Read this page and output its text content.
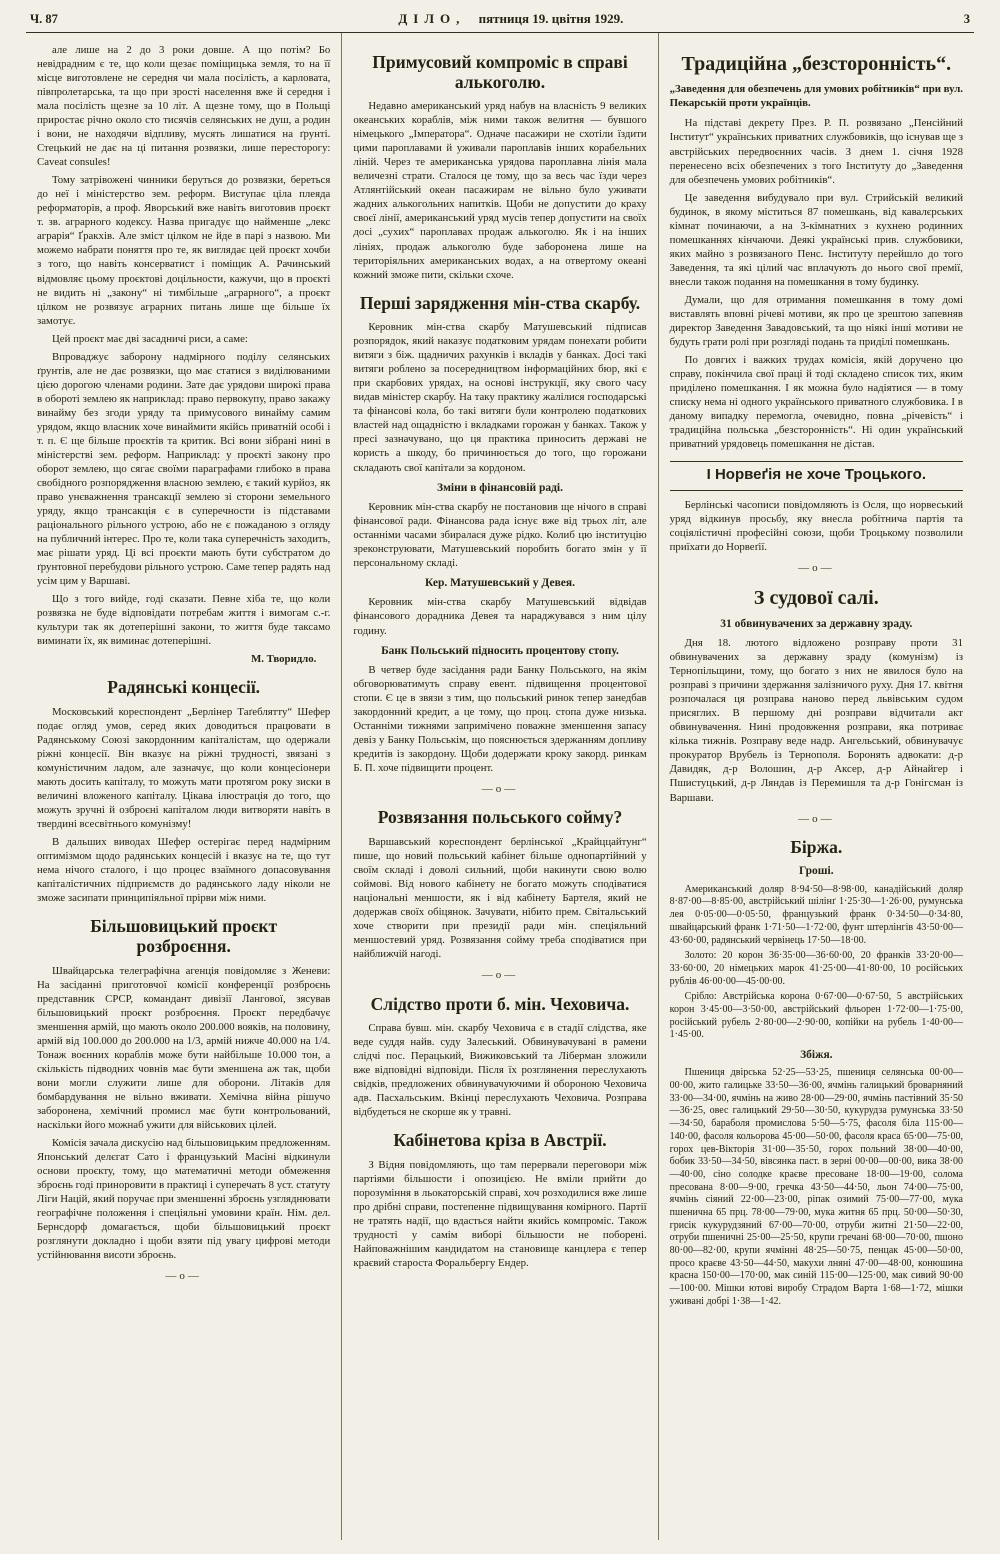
Ч. 87	ДІЛО, пятниця 19. цвітня 1929.	3

але лише на 2 до 3 роки довше. А що потім? Бо невідрадним є те, що коли щезає поміщицька земля, то на її місце виготовлене не середня чи мала посілість, а карловата, півпролетарська, та що при зрості населення вже й середня і мала посілість щезне за 10 літ. А щезне тому, що в Польщі приростає річно около сто тисячів селянських не душ, а родин і вони, не находячи відпливу, мусять лишатися на ґрунті. Стецький не дає на ці питання розвязки, лише пересторогу: Caveat consules!

Тому затрівожені чинники беруться до розвязки, береться до неї і міністерство зем. реформ. Виступає ціла плеяда реформаторів, а проф. Яворський вже навіть виготовив проєкт т. зв. аграрного кодексу. Назва пригадує що найменше „лекс аграрія“ Ґракхів. Але зміст цілком не йде в парі з назвою. Ми можемо набрати поняття про те, як виглядає цей проєкт хочби з того, що навіть консерватист і поміщик А. Рачинський відмовляє цьому проєктові доцільности, кажучи, що в проєкті не видить ні „закону“ ні тимбільше „аграрного“, а проєкт цілком не розвязує аграрних питань лише ще більше їх замотує.

Цей проєкт має дві засадничі риси, а саме:

Впроваджує заборону надмірного поділу селянських ґрунтів, але не дає розвязки, що має статися з виділюваними цією дорогою членами родини. Зате дає урядови широкі права в обороті землею як наприклад: право первокупу, право закажу винайму без згоди уряду та примусового винайму самим урядом, якщо власник хоче винаймити якійсь приватній особі і т. п. Є ще більше проєктів та критик. Всі вони зібрані нині в міністерстві зем. реформ. Наприклад: у проєкті закону про оборот землею, що сягає своїми параграфами глибоко в права свобідного розпорядження власною землею, є такий курйоз, як право унєважнення трансакції землею зі сторони земельного уряду, якщо трансакція є в суперечности із підставами раціонального рільного устрою, або не є пожаданою з огляду на публичний інтерес. Про те, коли така суперечність заходить, має рішати уряд. Ці всі проєкти мають бути субстратом до ґрунтовної перебудови рільного устрою. Саме тепер радять над усім цим у Варшаві.

Що з того вийде, годі сказати. Певне хіба те, що коли розвязка не буде відповідати потребам життя і вимогам с.-г. культури так як дотеперішні закони, то життя буде таксамо виминати їх, як виминає дотеперішні.

М. Творидло.

Радянські концесії.

Московський кореспондент „Берлінер Таґеблятту“ Шефер подає огляд умов, серед яких доводиться працювати в Радянському Союзі закордонним капіталістам, що одержали ріжні концесії. Він вказує на ріжні трудності, звязані з комуністичним ладом, але зазначує, що коли концесіонери мають досить капіталу, то можуть мати протягом року зиски в величині вложеного капіталу. Цікава ілюстрація до того, що можуть зручні й озброєні капіталом люди витворяти навіть в твердині всесвітнього комунізму!

В дальших виводах Шефер остерігає перед надмірним оптимізмом щодо радянських концесій і вказує на те, що тут нема нічого сталого, і що процес взаїмного допасовування капіталістичних підприємств до радянського ладу ніколи не зможе засипати принципіяльної прірви між ними.

Більшовицький проєкт розброєння.

Швайцарська телеграфічна агенція повідомляє з Женеви: На засіданні приготовчої комісії конференції розброєнь представник СРСР, командант дивізії Лангової, зясував більшовицький проєкт розброєння. Проєкт передбачує зменшення армій, що мають около 200.000 вояків, на половину, армій від 100.000 до 200.000 на 1/3, армій нижче 40.000 на 1/4. Тонаж воєнних кораблів може бути найбільше 10.000 тон, а скількість підводних човнів має бути зменшена аж так, щоби вони могли служити лише для оборони. Літаків для бомбардування не вільно вживати. Хемічна війна рішучо заборонена, хемічний промисл має бути контрольований, наскільки його можнаб ужити для військових цілей.

Комісія зачала дискусію над більшовицьким предложенням. Японський делєгат Сато і французький Масіні відкинули основи проєкту, тому, що математичні методи обмеження зброєнь годі приноровити в практиці і суперечать 8 уст. статуту Ліги Націй, який поручає при зменшенні зброєнь узгляднювати географічне положення і спеціяльні умовини країн. Нім. дел. Бернсдорф домагається, щоби більшовицький проєкт розглянути докладно і щоби взяти під увагу цифрові методи устійнювання висоти зброєнь.

—о—
Примусовий компроміс в справі алькоголю.

Недавно американський уряд набув на власність 9 великих океанських кораблів, між ними також велитня — бувшого німецького „Імператора“. Одначе пасажири не схотіли їздити цими пароплавами й уживали пароплавів інших корабельних ліній. Через те американська урядова пароплавна лінія мала величезні страти. Сталося це тому, що за весь час їзди через Атлянтійський океан пасажирам не вільно було уживати жадних алькогольних напитків. Щоби не допустити до краху своєї лінії, американський уряд мусів тепер допустити на своїх досі „сухих“ пароплавах продаж алькоголю. Як і на інших лініях, продаж алькоголю буде заборонена лише на територіяльних американських водах, а на отвертому океані кожний зможе пити, скільки схоче.

Перші зарядження мін-ства скарбу.

Керовник мін-ства скарбу Матушевський підписав розпорядок, який наказує податковим урядам понехати робити витяги з біж. щадничих рахунків і вкладів у банках. Досі такі витяги роблено за посередництвом інформаційних бюр, які є при скарбових урядах, на основі інструкції, яку свого часу видав міністер скарбу. На таку практику жалілися господарські та фінансові кола, бо такі витяги були контролею податкових властей над ощадністю і вкладками горожан у банках. Також у пресі зазначувано, що ця практика приносить державі не користь а шкоду, бо причинюється до того, що горожани складають свої капітали за кордоном.

Зміни в фінансовій раді.

Керовник мін-ства скарбу не постановив ще нічого в справі фінансової ради. Фінансова рада існує вже від трьох літ, але останніми часами збиралася дуже рідко. Колиб цю інституцію зреконструювати, Матушевський поробить богато змін у її персональному складі.

Кер. Матушевський у Девея.

Керовник мін-ства скарбу Матушевський відвідав фінансового дорадника Девея та нараджувався з ним цілу годину.

Банк Польський підносить процентову стопу.

В четвер буде засідання ради Банку Польського, на якім обговорюватимуть справу евент. підвищення процентової стопи. Є це в звязи з тим, що польський ринок тепер занедбав закордонний кредит, а це тому, що проц. стопа дуже низька. Останніми тижнями запримічено поважне зменшення запасу девіз у Банку Польськім, що пояснюється здержанням допливу кредитів із закордону. Щоби додержати кроку закорд. ринкам Б. П. хоче підвищити процент.

—о—
Розвязання польського сойму?

Варшавський кореспондент берлінської „Крайццайтунг“ пише, що новий польський кабінет більше однопартійний у своїм складі і доволі сильний, щоби накинути свою волю соймові. Від нового кабінету не богато можуть сподіватися національні меншости, як і від кабінету Бартеля, який не додержав своїх обіцянок. Зачувати, нібито прем. Світальський хоче створити при президії ради мін. спеціяльний меншостевий уряд. Розвязання сойму треба сподіватися при найближчій нагоді.

—о—
Слідство проти б. мін. Чеховича.

Справа бувш. мін. скарбу Чеховича є в стадії слідства, яке веде суддя найв. суду Залеський. Обвинувачувані в рамени слідчі пос. Перацький, Вижиковський та Ліберман зложили вже відповідні відповіди. Після їх розглянення переслухають свідків, предложених обвинувачуючими й обороною Чеховича адв. Пасхальським. Вкінці переслухають Чеховича. Розправа відбудеться не скорше як у травні.

Кабінетова кріза в Австрії.

З Відня повідомляють, що там перервали переговори між партіями більшости і опозицією. Не вміли прийти до порозуміння в льокаторській справі, хоч розходилися вже лише про дрібні справи, постепенне підвищування комірного. Партії не тратять надії, що вдасться найти якийсь компроміс. Також трудності у самім виборі більшости не поборені. Найповажнішим кандидатом на становище канцлера є тепер краєвий староста Форальбергу Ендер.

Традиційна „безсторонність“.

„Заведення для обезпечень для умових робітників“ при вул. Пекарській проти українців.

На підставі декрету През. Р. П. розвязано „Пенсійний Інститут“ українських приватних службовиків, що існував ще з австрійських передвоєнних часів. З днем 1. січня 1928 перенесено всіх обезпечених з того Інституту до „Заведення для обезпечень умових робітників“.

Це заведення вибудувало при вул. Стрийській великий будинок, в якому міститься 87 помешкань, від кавалєрських кімнат починаючи, а на 3-кімнатних з кухнею родинних помешканнях кінчаючи. Деякі українські прив. службовики, яких майно з розвязаного Пенс. Інституту перейшло до того Заведення, та які цілий час вплачують до нього свої премії, внесли також подання на помешкання в тому будинку.

Думали, що для отримання помешкання в тому домі виставлять вповні річеві мотиви, як про це зрештою запевняв директор Заведення Завадовський, та що ніякі інші мотиви не будуть грати ролі при розгляді подань та приділі помешкань.

По довгих і важких трудах комісія, якій доручено цю справу, покінчила свої праці й тоді складено список тих, яким приділено помешкання. І як можна було надіятися — в тому списку нема ні одного українського приватного службовика. І в даному випадку перемогла, очевидно, повна „річевість“ і традиційна польська „безсторонність“. Ні один український приватний урядовець помешкання не дістав.

І Норвеґія не хоче Троцького.

Берлінські часописи повідомляють із Осля, що норвеський уряд відкинув просьбу, яку внесла робітнича партія та соціялістичні професійні союзи, щоби Троцькому позволили приїхати до Норвеґії.

—о—
З судової салі.
31 обвинувачених за державну зраду.

Дня 18. лютого відложено розправу проти 31 обвинувачених за державну зраду (комунізм) із Тернопільщини, тому, що богато з них не явилося було на розправі з причини здержання залізничого руху. Дня 17. квітня розпочалася ця розправа наново перед львівським судом присяглих. В першому дні розправи відчитали акт обвинувачення. Нині продовження розправи, яка потриває кілька тижнів. Розправу веде надр. Ангельський, обвинувачує прокуратор Врубель із Тернополя. Боронять адвокати: д-р Давидяк, д-р Волошин, д-р Аксер, д-р Айнайгер і Пшистуцький, д-р Ляндав із Перемишля та д-р Гонігсман із Варшави.

—о—
Біржа.
Гроші.

Американський доляр 8·94·50—8·98·00, канадійський доляр 8·87·00—8·85·00, австрійський шілінґ 1·25·30—1·26·00, румунська лея 0·05·00—0·05·50, французький франк 0·34·50—0·34·80, швайцарський франк 1·71·50—1·72·00, фунт штерлінгів 43·50·00—43·60·00, радянський червінець 17·50—18·00.

Золото: 20 корон 36·35·00—36·60·00, 20 франків 33·20·00—33·60·00, 20 німецьких марок 41·25·00—41·80·00, 10 російських рублів 46·00·00—45·00·00.

Срібло: Австрійська корона 0·67·00—0·67·50, 5 австрійських корон 3·45·00—3·50·00, австрійський фльорен 1·72·00—1·75·00, російський рубель 2·80·00—2·90·00, копійки на рубель 1·40·00—1·45·00.

Збіжя.

Пшениця двірська 52·25—53·25, пшениця селянська 00·00—00·00, жито галицьке 33·50—36·00, ячмінь галицький броварняний 33·00—34·00, ячмінь на живо 28·00—29·00, ячмінь пастівний 35·50—36·25, овес галицький 29·50—30·50, кукурудза румунська 33·50—34·50, бараболя промислова 5·50—5·75, фасоля біла 115·00—140·00, фасоля кольорова 45·00—50·00, фасоля краса 65·00—75·00, горох цев-Вікторія 31·00—35·50, горох польний 38·00—40·00, бобик 33·50—34·50, вівсянка паст. в зерні 00·00—00·00, вика 38·00—40·00, сіно солодке краєве пресоване 18·00—19·00, солома пресована 8·00—9·00, гречка 43·50—44·50, льон 74·00—75·00, ячмінь сіяний 22·00—23·00, ріпак озимий 75·00—77·00, мука пшенична 65 прц. 78·00—79·00, мука житня 65 прц. 50·00—50·30, грисік кукурудзяний 67·00—70·00, отруби житні 21·50—22·00, отруби пшеничні 25·00—25·50, крупи гречані 68·00—70·00, пшоно 80·00—82·00, крупи ячмінні 48·25—50·75, пенцак 45·00—50·00, просо краєве 43·50—44·50, макухи лняні 47·00—48·00, конюшина красна 150·00—170·00, мак синій 115·00—125·00, мак сивий 90·00—100·00. Мішки ютові виробу Страдом Варта 1·68—1·72, мішки уживані добрі 1·38—1·42.
